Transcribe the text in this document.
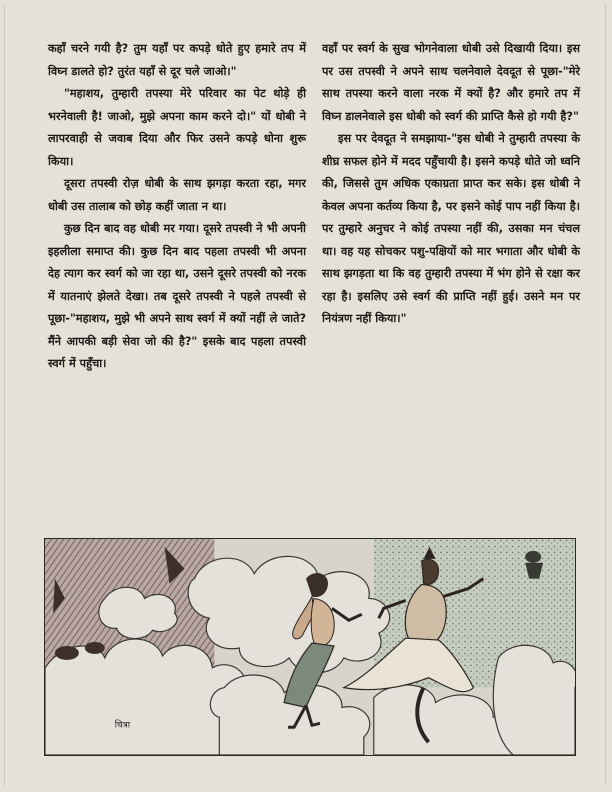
कहाँ चरने गयी है? तुम यहाँ पर कपड़े धोते हुए हमारे तप में विघ्न डालते हो? तुरंत यहाँ से दूर चले जाओ।"

"महाशय, तुम्हारी तपस्या मेरे परिवार का पेट थोड़े ही भरनेवाली है! जाओ, मुझे अपना काम करने दो।" यों धोबी ने लापरवाही से जवाब दिया और फिर उसने कपड़े धोना शुरू किया।

दूसरा तपस्वी रोज़ धोबी के साथ झगड़ा करता रहा, मगर धोबी उस तालाब को छोड़ कहीं जाता न था।

कुछ दिन बाद वह धोबी मर गया। दूसरे तपस्वी ने भी अपनी इहलीला समाप्त की। कुछ दिन बाद पहला तपस्वी भी अपना देह त्याग कर स्वर्ग को जा रहा था, उसने दूसरे तपस्वी को नरक में यातनाएं झेलते देखा। तब दूसरे तपस्वी ने पहले तपस्वी से पूछा-"महाशय, मुझे भी अपने साथ स्वर्ग में क्यों नहीं ले जाते? मैंने आपकी बड़ी सेवा जो की है?" इसके बाद पहला तपस्वी स्वर्ग में पहुँचा।

वहाँ पर स्वर्ग के सुख भोगनेवाला धोबी उसे दिखायी दिया। इस पर उस तपस्वी ने अपने साथ चलनेवाले देवदूत से पूछा-"मेरे साथ तपस्या करने वाला नरक में क्यों है? और हमारे तप में विघ्न डालनेवाले इस धोबी को स्वर्ग की प्राप्ति कैसे हो गयी है?"

इस पर देवदूत ने समझाया-"इस धोबी ने तुम्हारी तपस्या के शीघ्र सफल होने में मदद पहुँचायी है। इसने कपड़े धोते जो ध्वनि की, जिससे तुम अधिक एकाग्रता प्राप्त कर सके। इस धोबी ने केवल अपना कर्तव्य किया है, पर इसने कोई पाप नहीं किया है। पर तुम्हारे अनुचर ने कोई तपस्या नहीं की, उसका मन चंचल था। वह यह सोचकर पशु-पक्षियों को मार भगाता और धोबी के साथ झगड़ता था कि वह तुम्हारी तपस्या में भंग होने से रक्षा कर रहा है। इसलिए उसे स्वर्ग की प्राप्ति नहीं हुई। उसने मन पर नियंत्रण नहीं किया।"

चित्रा
